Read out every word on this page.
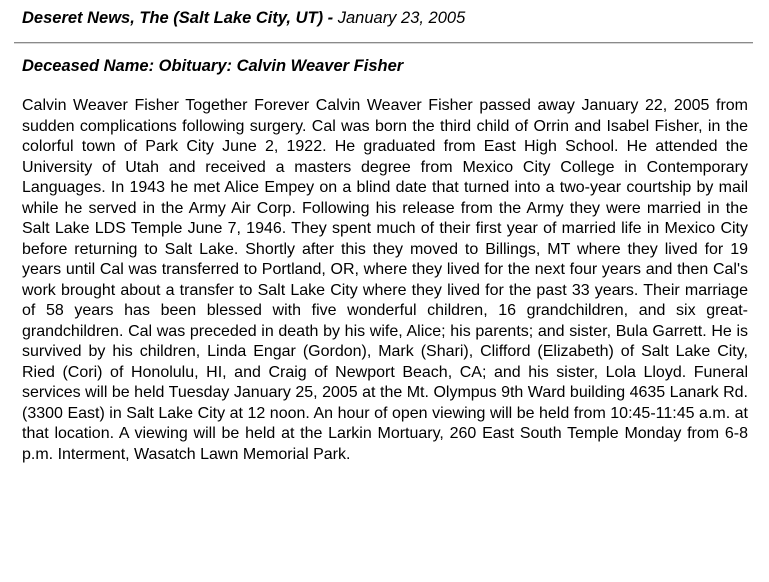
Deseret News, The (Salt Lake City, UT) - January 23, 2005
Deceased Name: Obituary: Calvin Weaver Fisher

Calvin Weaver Fisher Together Forever Calvin Weaver Fisher passed away January 22, 2005 from sudden complications following surgery. Cal was born the third child of Orrin and Isabel Fisher, in the colorful town of Park City June 2, 1922. He graduated from East High School. He attended the University of Utah and received a masters degree from Mexico City College in Contemporary Languages. In 1943 he met Alice Empey on a blind date that turned into a two-year courtship by mail while he served in the Army Air Corp. Following his release from the Army they were married in the Salt Lake LDS Temple June 7, 1946. They spent much of their first year of married life in Mexico City before returning to Salt Lake. Shortly after this they moved to Billings, MT where they lived for 19 years until Cal was transferred to Portland, OR, where they lived for the next four years and then Cal's work brought about a transfer to Salt Lake City where they lived for the past 33 years. Their marriage of 58 years has been blessed with five wonderful children, 16 grandchildren, and six great-grandchildren. Cal was preceded in death by his wife, Alice; his parents; and sister, Bula Garrett. He is survived by his children, Linda Engar (Gordon), Mark (Shari), Clifford (Elizabeth) of Salt Lake City, Ried (Cori) of Honolulu, HI, and Craig of Newport Beach, CA; and his sister, Lola Lloyd. Funeral services will be held Tuesday January 25, 2005 at the Mt. Olympus 9th Ward building 4635 Lanark Rd. (3300 East) in Salt Lake City at 12 noon. An hour of open viewing will be held from 10:45-11:45 a.m. at that location. A viewing will be held at the Larkin Mortuary, 260 East South Temple Monday from 6-8 p.m. Interment, Wasatch Lawn Memorial Park.
